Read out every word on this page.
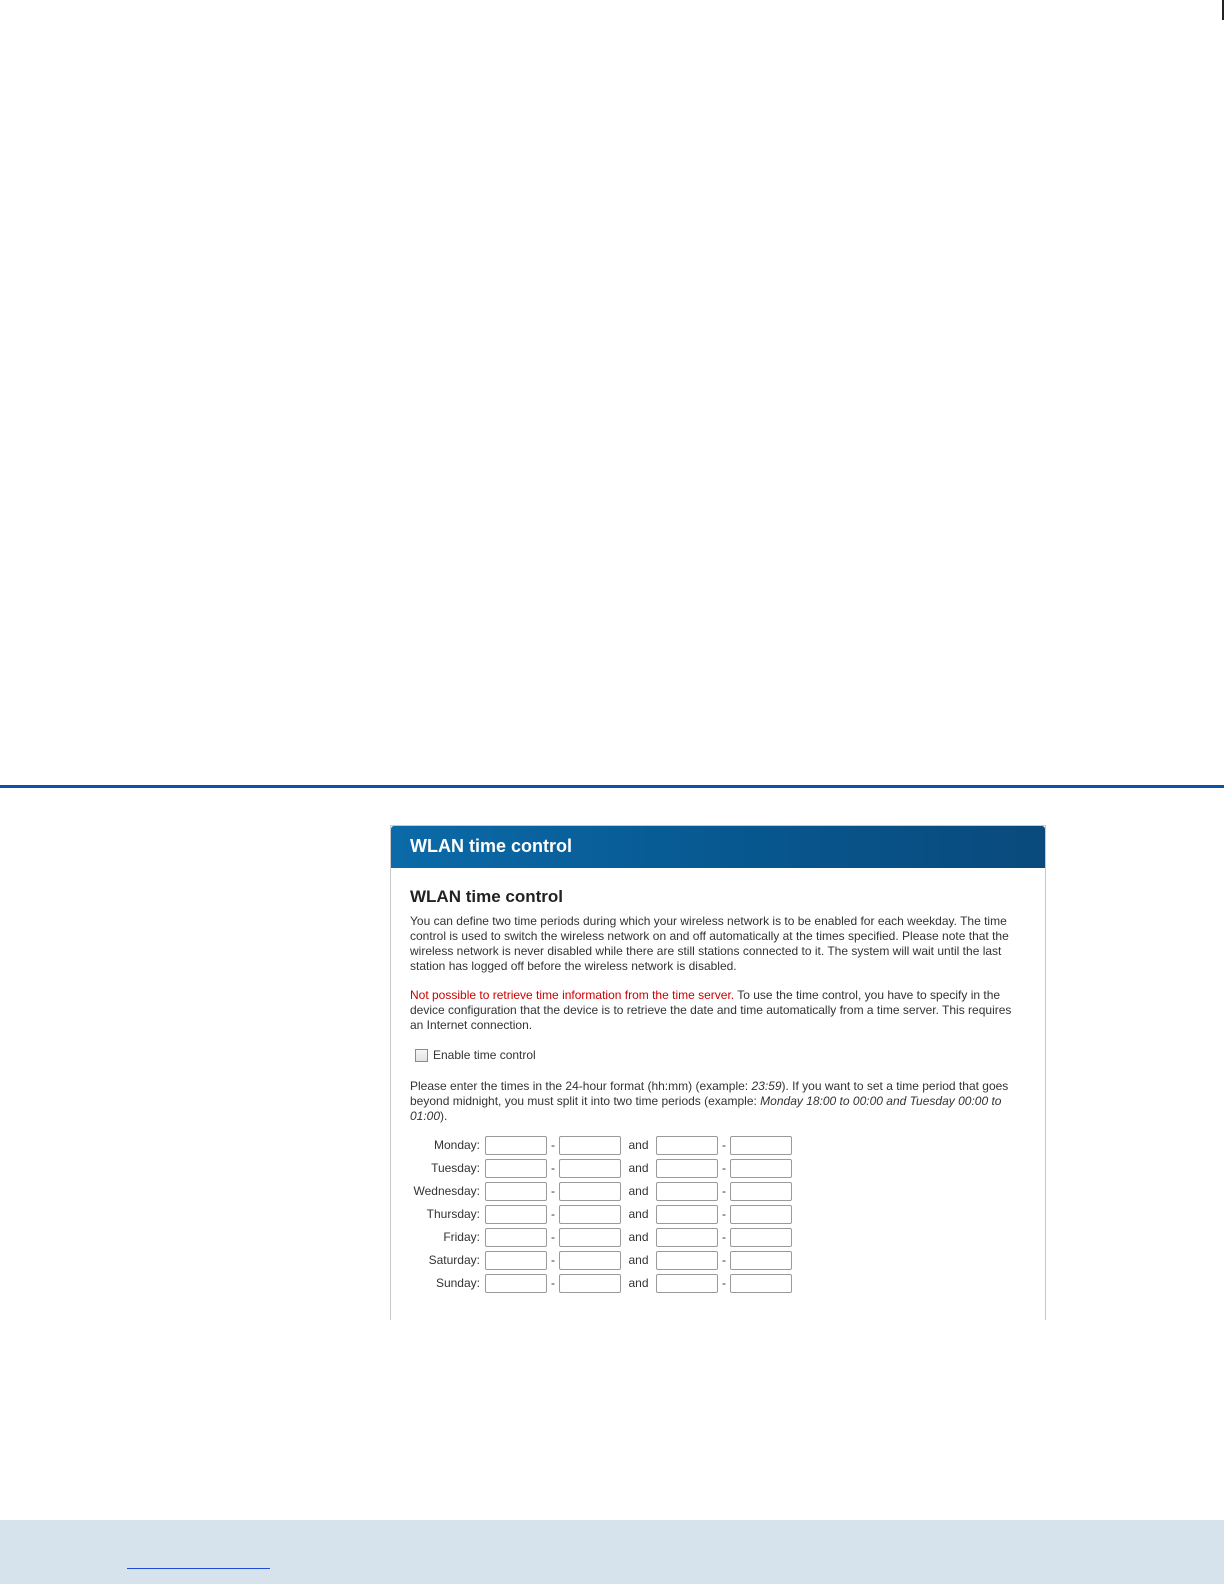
WLAN time control
WLAN time control

You can define two time periods during which your wireless network is to be enabled for each weekday. The time control is used to switch the wireless network on and off automatically at the times specified. Please note that the wireless network is never disabled while there are still stations connected to it. The system will wait until the last station has logged off before the wireless network is disabled.

Not possible to retrieve time information from the time server. To use the time control, you have to specify in the device configuration that the device is to retrieve the date and time automatically from a time server. This requires an Internet connection.

Enable time control

Please enter the times in the 24-hour format (hh:mm) (example: 23:59). If you want to set a time period that goes beyond midnight, you must split it into two time periods (example: Monday 18:00 to 00:00 and Tuesday 00:00 to 01:00).

Monday:		-		and		-	

Tuesday:		-		and		-	

Wednesday:		-		and		-	

Thursday:		-		and		-	

Friday:		-		and		-	

Saturday:		-		and		-	

Sunday:		-		and		-	
